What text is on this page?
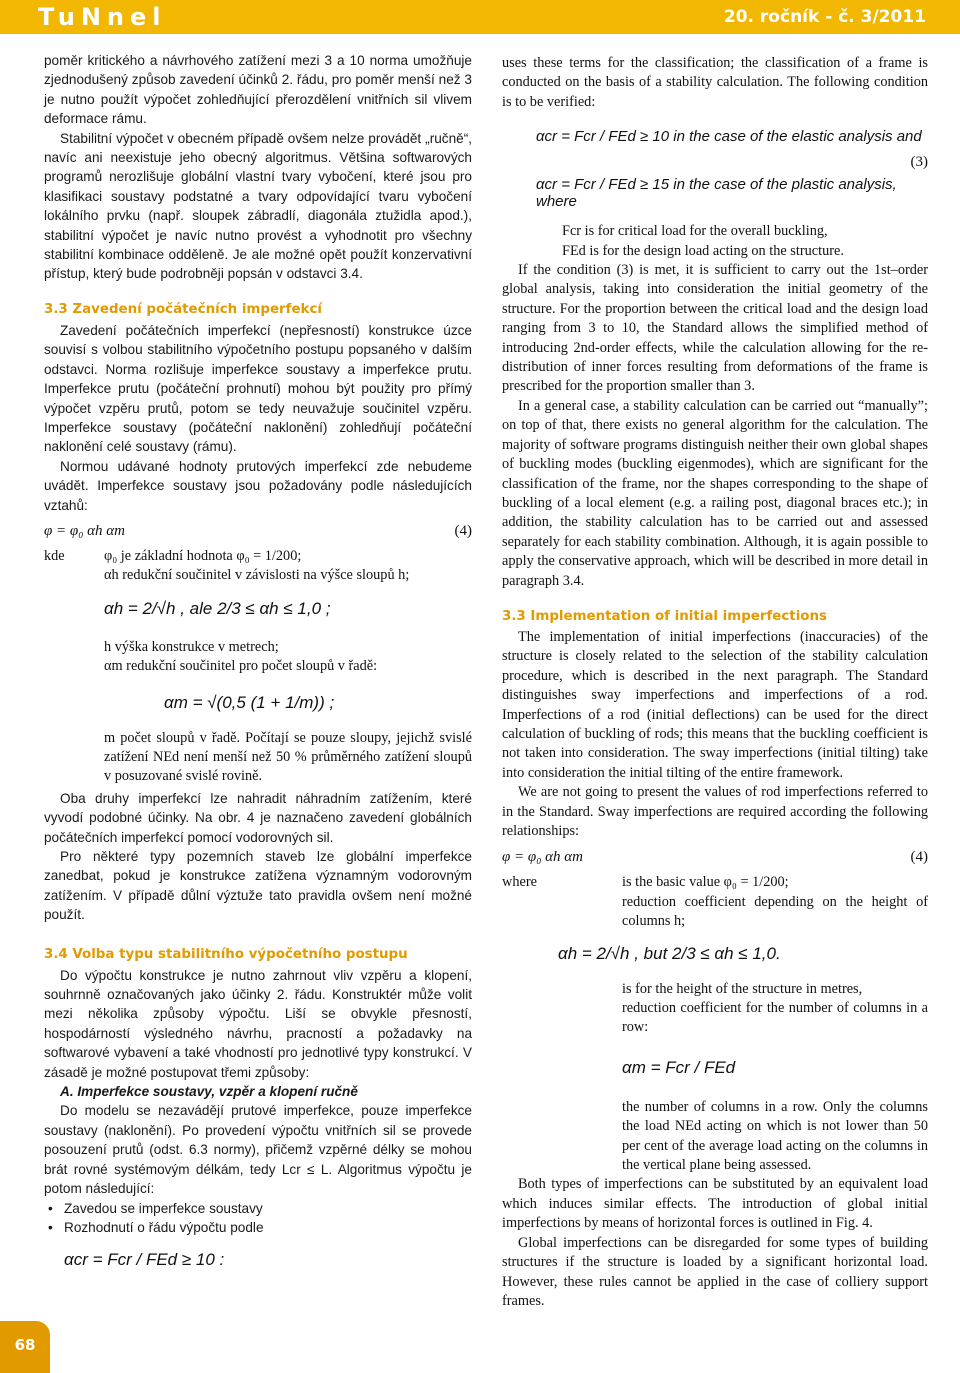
TuNnel	20. ročník - č. 3/2011

poměr kritického a návrhového zatížení mezi 3 a 10 norma umožňuje zjednodušený způsob zavedení účinků 2. řádu, pro poměr menší než 3 je nutno použít výpočet zohledňující přerozdělení vnitřních sil vlivem deformace rámu.

Stabilitní výpočet v obecném případě ovšem nelze provádět „ručně“, navíc ani neexistuje jeho obecný algoritmus. Většina softwarových programů nerozlišuje globální vlastní tvary vybočení, které jsou pro klasifikaci soustavy podstatné a tvary odpovídající tvaru vybočení lokálního prvku (např. sloupek zábradlí, diagonála ztužidla apod.), stabilitní výpočet je navíc nutno provést a vyhodnotit pro všechny stabilitní kombinace odděleně. Je ale možné opět použít konzervativní přístup, který bude podrobněji popsán v odstavci 3.4.

3.3 Zavedení počátečních imperfekcí

Zavedení počátečních imperfekcí (nepřesností) konstrukce úzce souvisí s volbou stabilitního výpočetního postupu popsaného v dalším odstavci. Norma rozlišuje imperfekce soustavy a imperfekce prutu. Imperfekce prutu (počáteční prohnutí) mohou být použity pro přímý výpočet vzpěru prutů, potom se tedy neuvažuje součinitel vzpěru. Imperfekce soustavy (počáteční naklonění) zohledňují počáteční naklonění celé soustavy (rámu).

Normou udávané hodnoty prutových imperfekcí zde nebudeme uvádět. Imperfekce soustavy jsou požadovány podle následujících vztahů:

φ = φ₀ αh αm	(4)
kde	φ₀ je základní hodnota φ₀ = 1/200;
αh redukční součinitel v závislosti na výšce sloupů h;
αh = 2/√h , ale 2/3 ≤ αh ≤ 1,0 ;
h výška konstrukce v metrech;
αm redukční součinitel pro počet sloupů v řadě:
αm = √(0,5 (1 + 1/m)) ;
m počet sloupů v řadě. Počítají se pouze sloupy, jejichž svislé zatížení NEd není menší než 50 % průměrného zatížení sloupů v posuzované svislé rovině.

Oba druhy imperfekcí lze nahradit náhradním zatížením, které vyvodí podobné účinky. Na obr. 4 je naznačeno zavedení globálních počátečních imperfekcí pomocí vodorovných sil.

Pro některé typy pozemních staveb lze globální imperfekce zanedbat, pokud je konstrukce zatížena významným vodorovným zatížením. V případě důlní výztuže tato pravidla ovšem není možné použít.

3.4 Volba typu stabilitního výpočetního postupu

Do výpočtu konstrukce je nutno zahrnout vliv vzpěru a klopení, souhrnně označovaných jako účinky 2. řádu. Konstruktér může volit mezi několika způsoby výpočtu. Liší se obvykle přesností, hospodárností výsledného návrhu, pracností a požadavky na softwarové vybavení a také vhodností pro jednotlivé typy konstrukcí. V zásadě je možné postupovat třemi způsoby:

A. Imperfekce soustavy, vzpěr a klopení ručně

Do modelu se nezavádějí prutové imperfekce, pouze imperfekce soustavy (naklonění). Po provedení výpočtu vnitřních sil se provede posouzení prutů (odst. 6.3 normy), přičemž vzpěrné délky se mohou brát rovné systémovým délkám, tedy Lcr ≤ L. Algoritmus výpočtu je potom následující:

• Zavedou se imperfekce soustavy

• Rozhodnutí o řádu výpočtu podle

αcr = Fcr / FEd ≥ 10 :

uses these terms for the classification; the classification of a frame is conducted on the basis of a stability calculation. The following condition is to be verified:

αcr = Fcr / FEd ≥ 10 in the case of the elastic analysis and
αcr = Fcr / FEd ≥ 15 in the case of the plastic analysis, where
(3)
Fcr is for critical load for the overall buckling,
FEd is for the design load acting on the structure.

If the condition (3) is met, it is sufficient to carry out the 1st–order global analysis, taking into consideration the initial geometry of the structure. For the proportion between the critical load and the design load ranging from 3 to 10, the Standard allows the simplified method of introducing 2nd-order effects, while the calculation allowing for the re-distribution of inner forces resulting from deformations of the frame is prescribed for the proportion smaller than 3.

In a general case, a stability calculation can be carried out “manually”; on top of that, there exists no general algorithm for the calculation. The majority of software programs distinguish neither their own global shapes of buckling modes (buckling eigenmodes), which are significant for the classification of the frame, nor the shapes corresponding to the shape of buckling of a local element (e.g. a railing post, diagonal braces etc.); in addition, the stability calculation has to be carried out and assessed separately for each stability combination. Although, it is again possible to apply the conservative approach, which will be described in more detail in paragraph 3.4.

3.3 Implementation of initial imperfections

The implementation of initial imperfections (inaccuracies) of the structure is closely related to the selection of the stability calculation procedure, which is described in the next paragraph. The Standard distinguishes sway imperfections and imperfections of a rod. Imperfections of a rod (initial deflections) can be used for the direct calculation of buckling of rods; this means that the buckling coefficient is not taken into consideration. The sway imperfections (initial tilting) take into consideration the initial tilting of the entire framework.

We are not going to present the values of rod imperfections referred to in the Standard. Sway imperfections are required according the following relationships:

φ = φ₀ αh αm	(4)
where	is the basic value φ₀ = 1/200;
reduction coefficient depending on the height of columns h;
αh = 2/√h , but 2/3 ≤ αh ≤ 1,0.
is for the height of the structure in metres,
reduction coefficient for the number of columns in a row:
αm = Fcr / FEd
the number of columns in a row. Only the columns the load NEd acting on which is not lower than 50 per cent of the average load acting on the columns in the vertical plane being assessed.

Both types of imperfections can be substituted by an equivalent load which induces similar effects. The introduction of global initial imperfections by means of horizontal forces is outlined in Fig. 4.

Global imperfections can be disregarded for some types of building structures if the structure is loaded by a significant horizontal load. However, these rules cannot be applied in the case of colliery support frames.

68
